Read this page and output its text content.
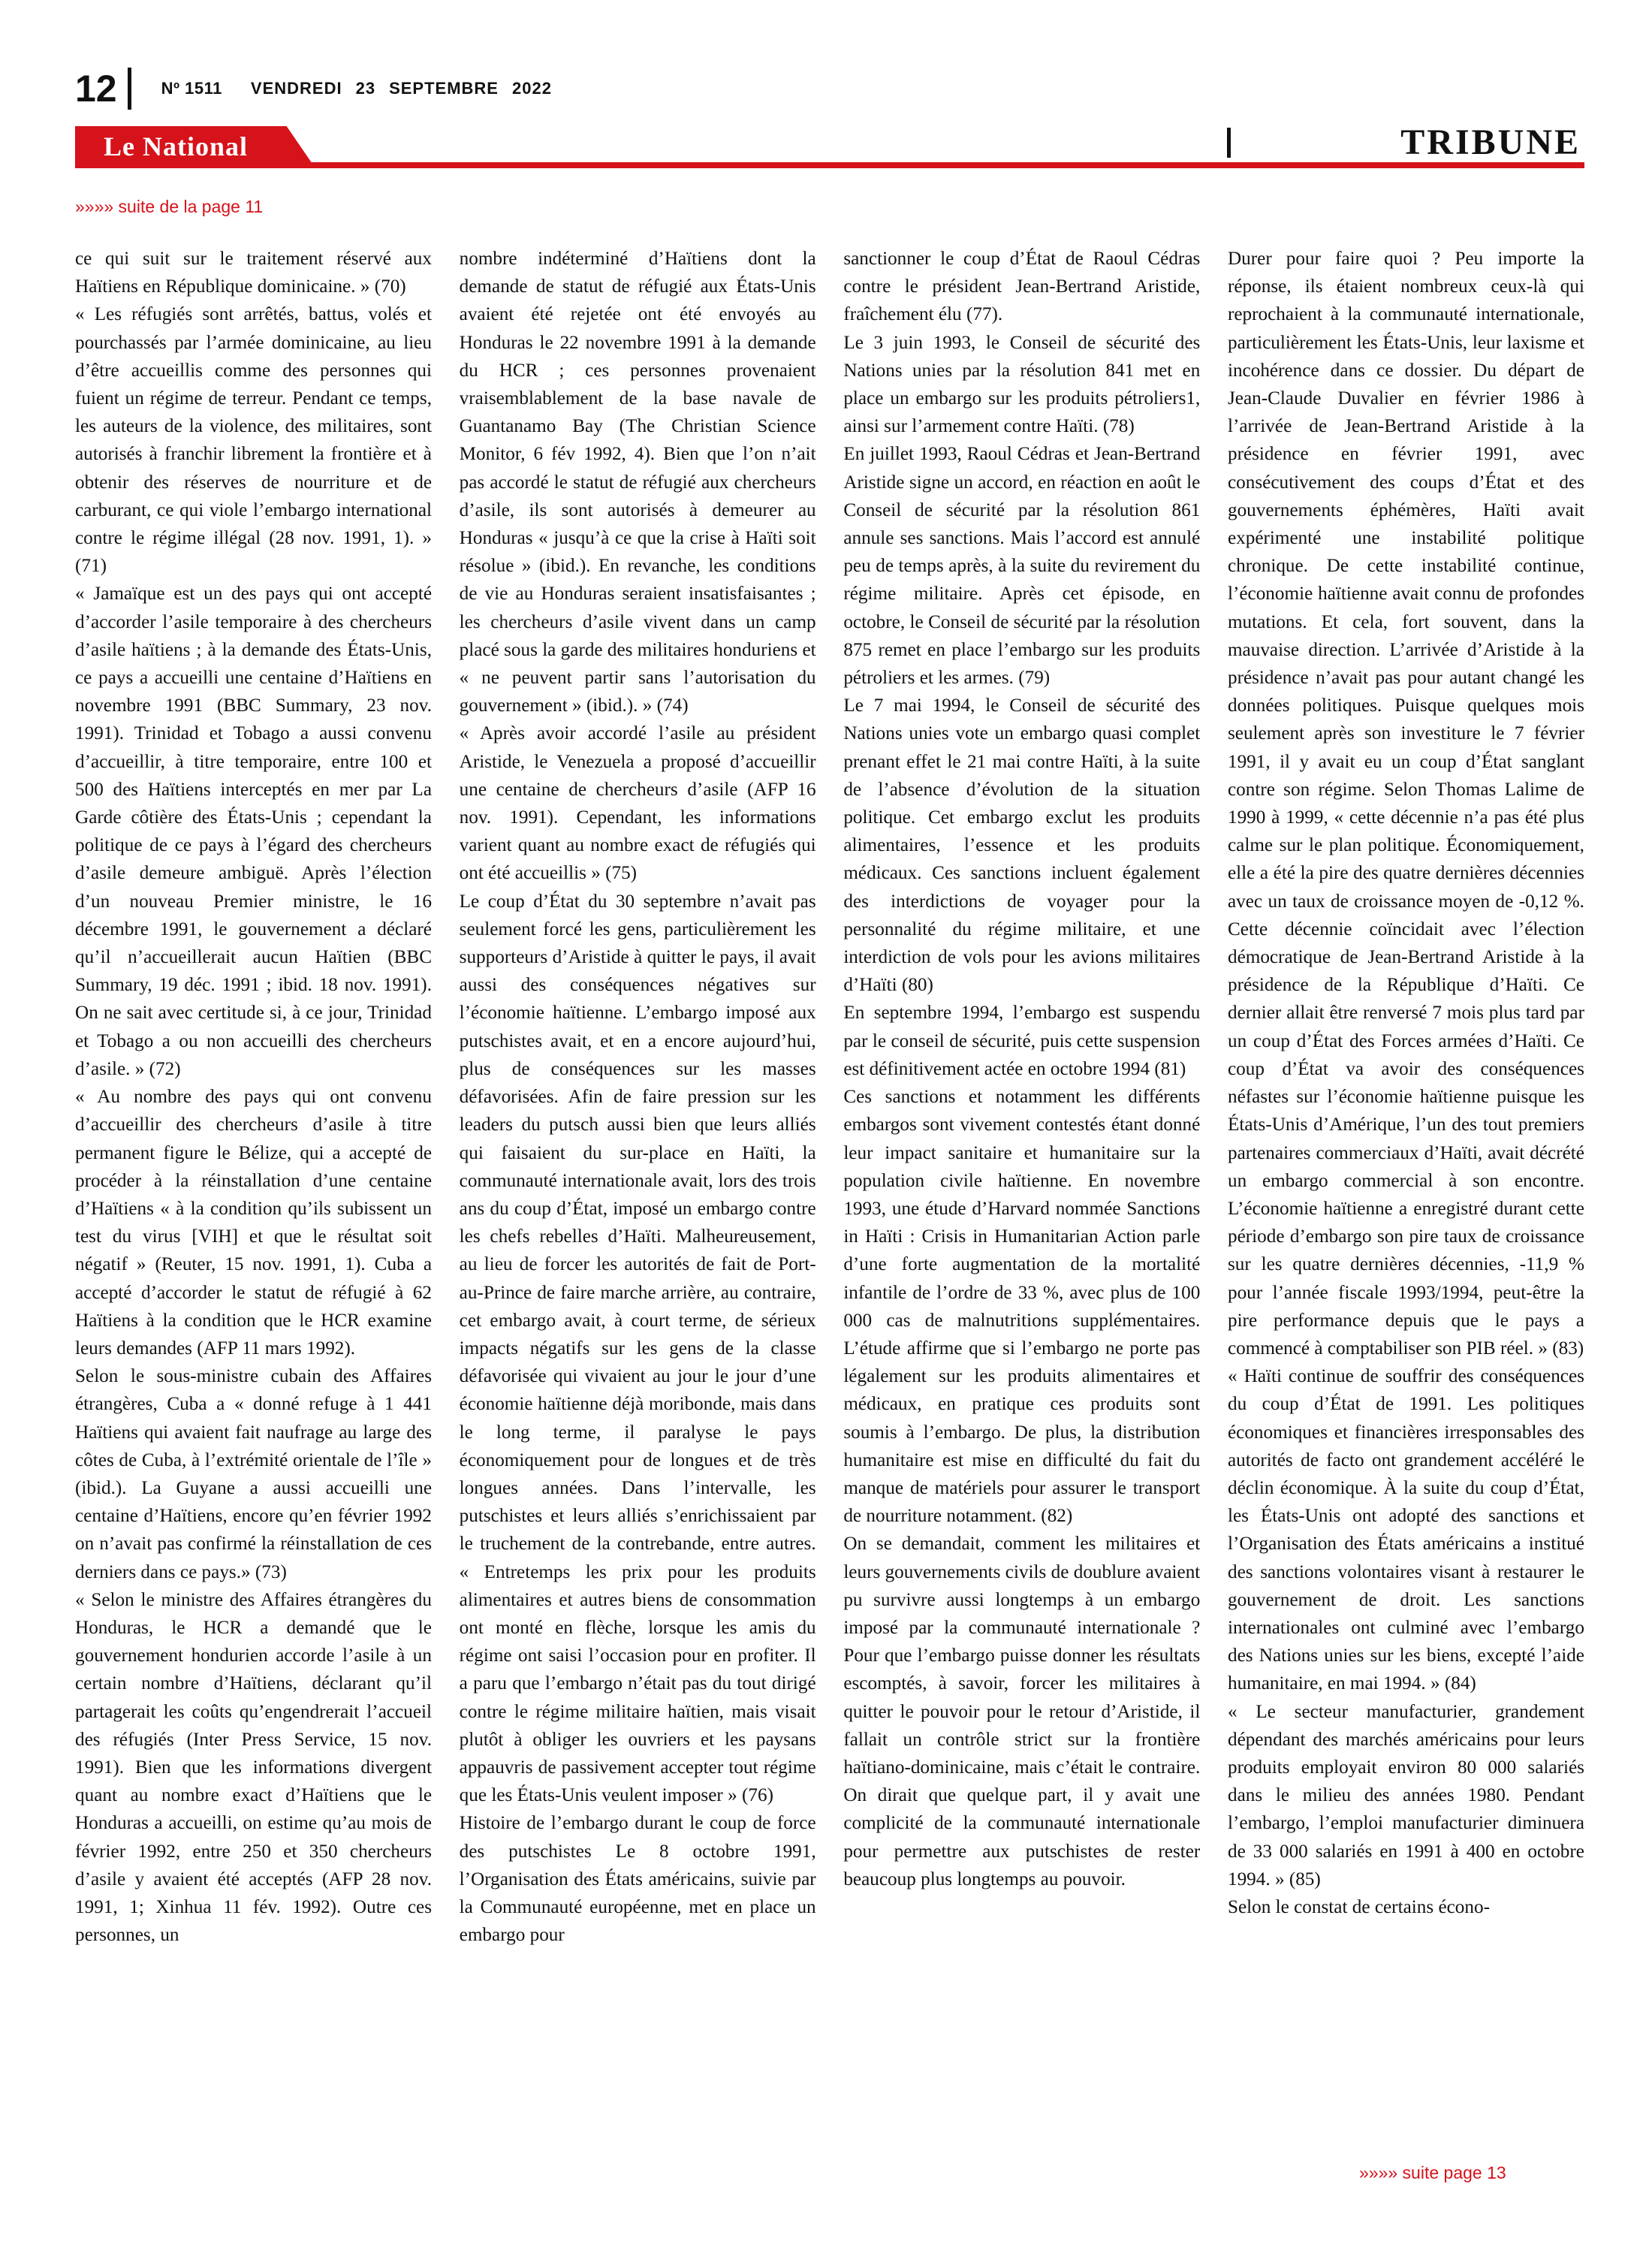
12	Nº 1511 VENDREDI 23 SEPTEMBRE 2022
Le National	TRIBUNE
»»»» suite de la page 11

ce qui suit sur le traitement réservé aux Haïtiens en République dominicaine. » (70)

« Les réfugiés sont arrêtés, battus, volés et pourchassés par l’armée dominicaine, au lieu d’être accueillis comme des personnes qui fuient un régime de terreur. Pendant ce temps, les auteurs de la violence, des militaires, sont autorisés à franchir librement la frontière et à obtenir des réserves de nourriture et de carburant, ce qui viole l’embargo international contre le régime illégal (28 nov. 1991, 1). » (71)

« Jamaïque est un des pays qui ont accepté d’accorder l’asile temporaire à des chercheurs d’asile haïtiens ; à la demande des États-Unis, ce pays a accueilli une centaine d’Haïtiens en novembre 1991 (BBC Summary, 23 nov. 1991). Trinidad et Tobago a aussi convenu d’accueillir, à titre temporaire, entre 100 et 500 des Haïtiens interceptés en mer par La Garde côtière des États-Unis ; cependant la politique de ce pays à l’égard des chercheurs d’asile demeure ambiguë. Après l’élection d’un nouveau Premier ministre, le 16 décembre 1991, le gouvernement a déclaré qu’il n’accueillerait aucun Haïtien (BBC Summary, 19 déc. 1991 ; ibid. 18 nov. 1991). On ne sait avec certitude si, à ce jour, Trinidad et Tobago a ou non accueilli des chercheurs d’asile. » (72)

« Au nombre des pays qui ont convenu d’accueillir des chercheurs d’asile à titre permanent figure le Bélize, qui a accepté de procéder à la réinstallation d’une centaine d’Haïtiens « à la condition qu’ils subissent un test du virus [VIH] et que le résultat soit négatif » (Reuter, 15 nov. 1991, 1). Cuba a accepté d’accorder le statut de réfugié à 62 Haïtiens à la condition que le HCR examine leurs demandes (AFP 11 mars 1992).

Selon le sous-ministre cubain des Affaires étrangères, Cuba a « donné refuge à 1 441 Haïtiens qui avaient fait naufrage au large des côtes de Cuba, à l’extrémité orientale de l’île » (ibid.). La Guyane a aussi accueilli une centaine d’Haïtiens, encore qu’en février 1992 on n’avait pas confirmé la réinstallation de ces derniers dans ce pays.» (73)

« Selon le ministre des Affaires étrangères du Honduras, le HCR a demandé que le gouvernement hondurien accorde l’asile à un certain nombre d’Haïtiens, déclarant qu’il partagerait les coûts qu’engendrerait l’accueil des réfugiés (Inter Press Service, 15 nov. 1991). Bien que les informations divergent quant au nombre exact d’Haïtiens que le Honduras a accueilli, on estime qu’au mois de février 1992, entre 250 et 350 chercheurs d’asile y avaient été acceptés (AFP 28 nov. 1991, 1; Xinhua 11 fév. 1992). Outre ces personnes, un

nombre indéterminé d’Haïtiens dont la demande de statut de réfugié aux États-Unis avaient été rejetée ont été envoyés au Honduras le 22 novembre 1991 à la demande du HCR ; ces personnes provenaient vraisemblablement de la base navale de Guantanamo Bay (The Christian Science Monitor, 6 fév 1992, 4). Bien que l’on n’ait pas accordé le statut de réfugié aux chercheurs d’asile, ils sont autorisés à demeurer au Honduras « jusqu’à ce que la crise à Haïti soit résolue » (ibid.). En revanche, les conditions de vie au Honduras seraient insatisfaisantes ; les chercheurs d’asile vivent dans un camp placé sous la garde des militaires honduriens et « ne peuvent partir sans l’autorisation du gouvernement » (ibid.). » (74)

« Après avoir accordé l’asile au président Aristide, le Venezuela a proposé d’accueillir une centaine de chercheurs d’asile (AFP 16 nov. 1991). Cependant, les informations varient quant au nombre exact de réfugiés qui ont été accueillis » (75)

Le coup d’État du 30 septembre n’avait pas seulement forcé les gens, particulièrement les supporteurs d’Aristide à quitter le pays, il avait aussi des conséquences négatives sur l’économie haïtienne. L’embargo imposé aux putschistes avait, et en a encore aujourd’hui, plus de conséquences sur les masses défavorisées. Afin de faire pression sur les leaders du putsch aussi bien que leurs alliés qui faisaient du sur-place en Haïti, la communauté internationale avait, lors des trois ans du coup d’État, imposé un embargo contre les chefs rebelles d’Haïti. Malheureusement, au lieu de forcer les autorités de fait de Port-au-Prince de faire marche arrière, au contraire, cet embargo avait, à court terme, de sérieux impacts négatifs sur les gens de la classe défavorisée qui vivaient au jour le jour d’une économie haïtienne déjà moribonde, mais dans le long terme, il paralyse le pays économiquement pour de longues et de très longues années. Dans l’intervalle, les putschistes et leurs alliés s’enrichissaient par le truchement de la contrebande, entre autres. « Entretemps les prix pour les produits alimentaires et autres biens de consommation ont monté en flèche, lorsque les amis du régime ont saisi l’occasion pour en profiter. Il a paru que l’embargo n’était pas du tout dirigé contre le régime militaire haïtien, mais visait plutôt à obliger les ouvriers et les paysans appauvris de passivement accepter tout régime que les États-Unis veulent imposer » (76)

Histoire de l’embargo durant le coup de force des putschistes Le 8 octobre 1991, l’Organisation des États américains, suivie par la Communauté européenne, met en place un embargo pour

sanctionner le coup d’État de Raoul Cédras contre le président Jean-Bertrand Aristide, fraîchement élu (77).

Le 3 juin 1993, le Conseil de sécurité des Nations unies par la résolution 841 met en place un embargo sur les produits pétroliers1, ainsi sur l’armement contre Haïti. (78)

En juillet 1993, Raoul Cédras et Jean-Bertrand Aristide signe un accord, en réaction en août le Conseil de sécurité par la résolution 861 annule ses sanctions. Mais l’accord est annulé peu de temps après, à la suite du revirement du régime militaire. Après cet épisode, en octobre, le Conseil de sécurité par la résolution 875 remet en place l’embargo sur les produits pétroliers et les armes. (79)

Le 7 mai 1994, le Conseil de sécurité des Nations unies vote un embargo quasi complet prenant effet le 21 mai contre Haïti, à la suite de l’absence d’évolution de la situation politique. Cet embargo exclut les produits alimentaires, l’essence et les produits médicaux. Ces sanctions incluent également des interdictions de voyager pour la personnalité du régime militaire, et une interdiction de vols pour les avions militaires d’Haïti (80)

En septembre 1994, l’embargo est suspendu par le conseil de sécurité, puis cette suspension est définitivement actée en octobre 1994 (81)

Ces sanctions et notamment les différents embargos sont vivement contestés étant donné leur impact sanitaire et humanitaire sur la population civile haïtienne. En novembre 1993, une étude d’Harvard nommée Sanctions in Haïti : Crisis in Humanitarian Action parle d’une forte augmentation de la mortalité infantile de l’ordre de 33 %, avec plus de 100 000 cas de malnutritions supplémentaires. L’étude affirme que si l’embargo ne porte pas légalement sur les produits alimentaires et médicaux, en pratique ces produits sont soumis à l’embargo. De plus, la distribution humanitaire est mise en difficulté du fait du manque de matériels pour assurer le transport de nourriture notamment. (82)

On se demandait, comment les militaires et leurs gouvernements civils de doublure avaient pu survivre aussi longtemps à un embargo imposé par la communauté internationale ? Pour que l’embargo puisse donner les résultats escomptés, à savoir, forcer les militaires à quitter le pouvoir pour le retour d’Aristide, il fallait un contrôle strict sur la frontière haïtiano-dominicaine, mais c’était le contraire. On dirait que quelque part, il y avait une complicité de la communauté internationale pour permettre aux putschistes de rester beaucoup plus longtemps au pouvoir.

Durer pour faire quoi ? Peu importe la réponse, ils étaient nombreux ceux-là qui reprochaient à la communauté internationale, particulièrement les États-Unis, leur laxisme et incohérence dans ce dossier. Du départ de Jean-Claude Duvalier en février 1986 à l’arrivée de Jean-Bertrand Aristide à la présidence en février 1991, avec consécutivement des coups d’État et des gouvernements éphémères, Haïti avait expérimenté une instabilité politique chronique. De cette instabilité continue, l’économie haïtienne avait connu de profondes mutations. Et cela, fort souvent, dans la mauvaise direction. L’arrivée d’Aristide à la présidence n’avait pas pour autant changé les données politiques. Puisque quelques mois seulement après son investiture le 7 février 1991, il y avait eu un coup d’État sanglant contre son régime. Selon Thomas Lalime de 1990 à 1999, « cette décennie n’a pas été plus calme sur le plan politique. Économiquement, elle a été la pire des quatre dernières décennies avec un taux de croissance moyen de -0,12 %. Cette décennie coïncidait avec l’élection démocratique de Jean-Bertrand Aristide à la présidence de la République d’Haïti. Ce dernier allait être renversé 7 mois plus tard par un coup d’État des Forces armées d’Haïti. Ce coup d’État va avoir des conséquences néfastes sur l’économie haïtienne puisque les États-Unis d’Amérique, l’un des tout premiers partenaires commerciaux d’Haïti, avait décrété un embargo commercial à son encontre. L’économie haïtienne a enregistré durant cette période d’embargo son pire taux de croissance sur les quatre dernières décennies, -11,9 % pour l’année fiscale 1993/1994, peut-être la pire performance depuis que le pays a commencé à comptabiliser son PIB réel. » (83)

« Haïti continue de souffrir des conséquences du coup d’État de 1991. Les politiques économiques et financières irresponsables des autorités de facto ont grandement accéléré le déclin économique. À la suite du coup d’État, les États-Unis ont adopté des sanctions et l’Organisation des États américains a institué des sanctions volontaires visant à restaurer le gouvernement de droit. Les sanctions internationales ont culminé avec l’embargo des Nations unies sur les biens, excepté l’aide humanitaire, en mai 1994. » (84)

« Le secteur manufacturier, grandement dépendant des marchés américains pour leurs produits employait environ 80 000 salariés dans le milieu des années 1980. Pendant l’embargo, l’emploi manufacturier diminuera de 33 000 salariés en 1991 à 400 en octobre 1994. » (85)

Selon le constat de certains écono-

»»»» suite page 13
